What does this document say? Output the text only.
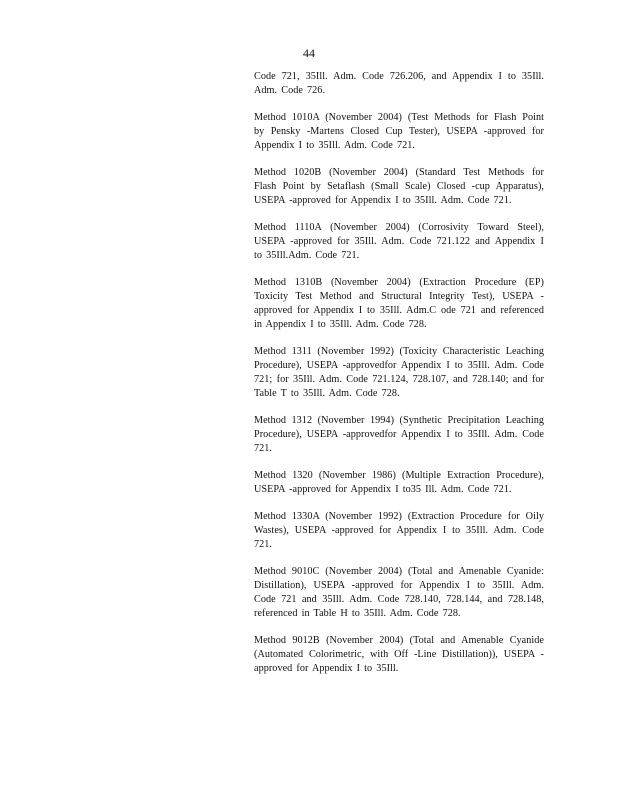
44

Code 721, 35Ill. Adm. Code 726.206, and Appendix I to 35Ill. Adm. Code 726.

Method 1010A (November 2004) (Test Methods for Flash Point by Pensky -Martens Closed Cup Tester), USEPA -approved for Appendix I to 35Ill. Adm. Code 721.

Method 1020B (November 2004) (Standard Test Methods for Flash Point by Setaflash (Small Scale) Closed -cup Apparatus), USEPA -approved for Appendix I to 35Ill. Adm. Code 721.

Method 1110A (November 2004) (Corrosivity Toward Steel), USEPA -approved for 35Ill. Adm. Code 721.122 and Appendix I to 35Ill.Adm. Code 721.

Method 1310B (November 2004) (Extraction Procedure (EP) Toxicity Test Method and Structural Integrity Test), USEPA -approved for Appendix I to 35Ill. Adm.C ode 721 and referenced in Appendix I to 35Ill. Adm. Code 728.

Method 1311 (November 1992) (Toxicity Characteristic Leaching Procedure), USEPA -approvedfor Appendix I to 35Ill. Adm. Code 721; for 35Ill. Adm. Code 721.124, 728.107, and 728.140; and for Table T to 35Ill. Adm. Code 728.

Method 1312 (November 1994) (Synthetic Precipitation Leaching Procedure), USEPA -approvedfor Appendix I to 35Ill. Adm. Code 721.

Method 1320 (November 1986) (Multiple Extraction Procedure), USEPA -approved for Appendix I to35 Ill. Adm. Code 721.

Method 1330A (November 1992) (Extraction Procedure for Oily Wastes), USEPA -approved for Appendix I to 35Ill. Adm. Code 721.

Method 9010C (November 2004) (Total and Amenable Cyanide: Distillation), USEPA -approved for Appendix I to 35Ill. Adm. Code 721 and 35Ill. Adm. Code 728.140, 728.144, and 728.148, referenced in Table H to 35Ill. Adm. Code 728.

Method 9012B (November 2004) (Total and Amenable Cyanide (Automated Colorimetric, with Off -Line Distillation)), USEPA -approved for Appendix I to 35Ill.
